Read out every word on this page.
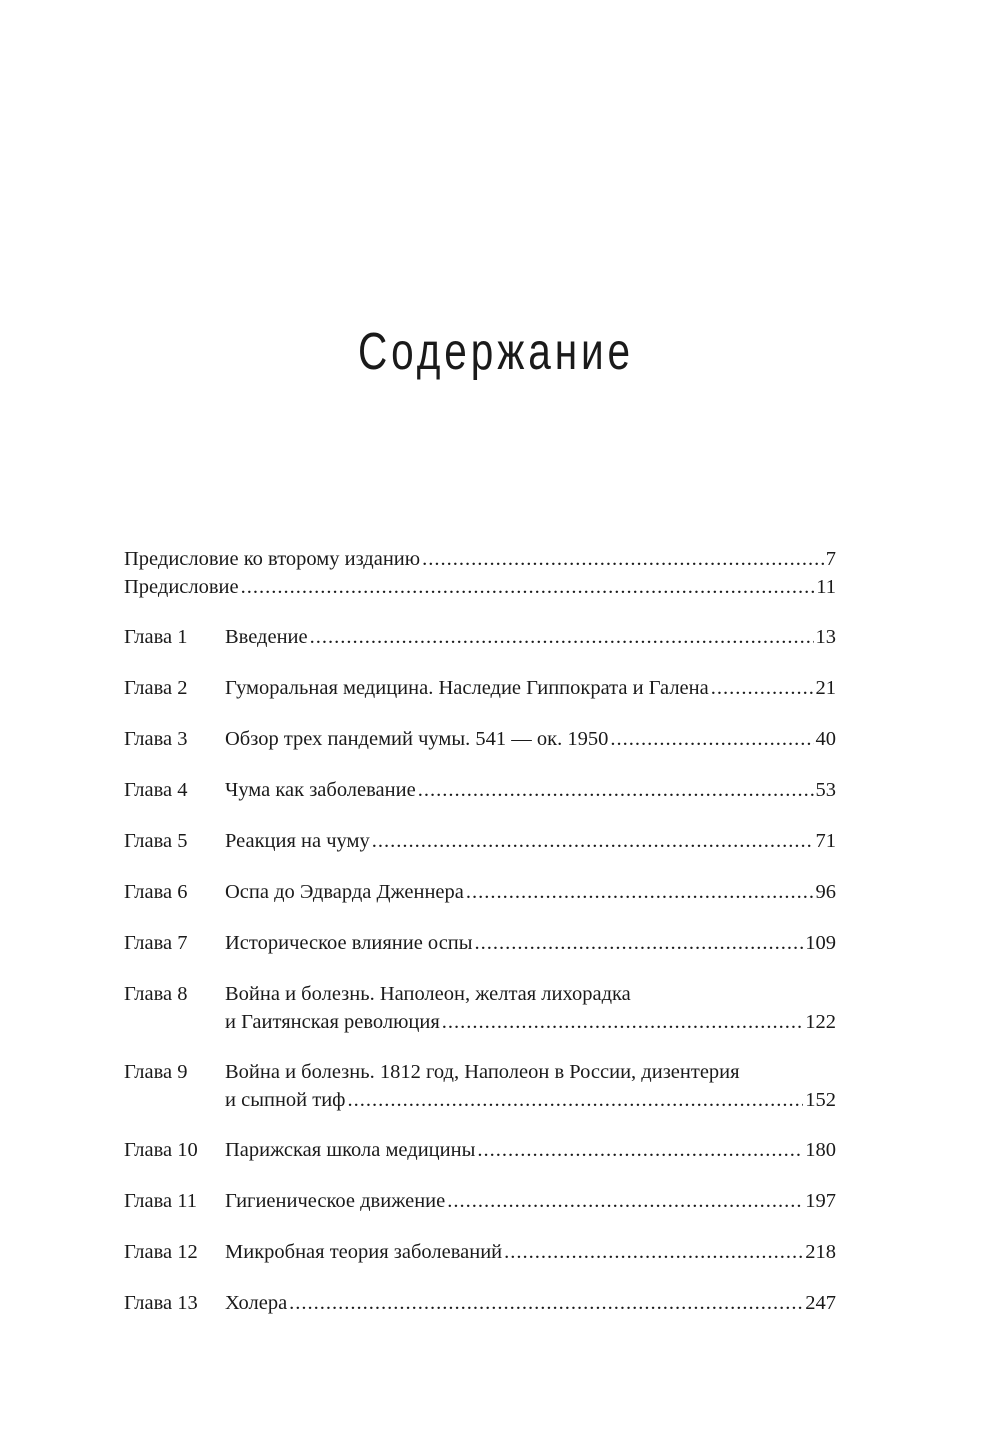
Содержание
Предисловие ко второму изданию .....	7
Предисловие .....	11
Глава 1	Введение .....	13
Глава 2	Гуморальная медицина. Наследие Гиппократа и Галена .....	21
Глава 3	Обзор трех пандемий чумы. 541 — ок. 1950 .....	40
Глава 4	Чума как заболевание .....	53
Глава 5	Реакция на чуму .....	71
Глава 6	Оспа до Эдварда Дженнера .....	96
Глава 7	Историческое влияние оспы .....	109
Глава 8	Война и болезнь. Наполеон, желтая лихорадка
и Гаитянская революция .....	122
Глава 9	Война и болезнь. 1812 год, Наполеон в России, дизентерия
и сыпной тиф .....	152
Глава 10	Парижская школа медицины .....	180
Глава 11	Гигиеническое движение .....	197
Глава 12	Микробная теория заболеваний .....	218
Глава 13	Холера .....	247
